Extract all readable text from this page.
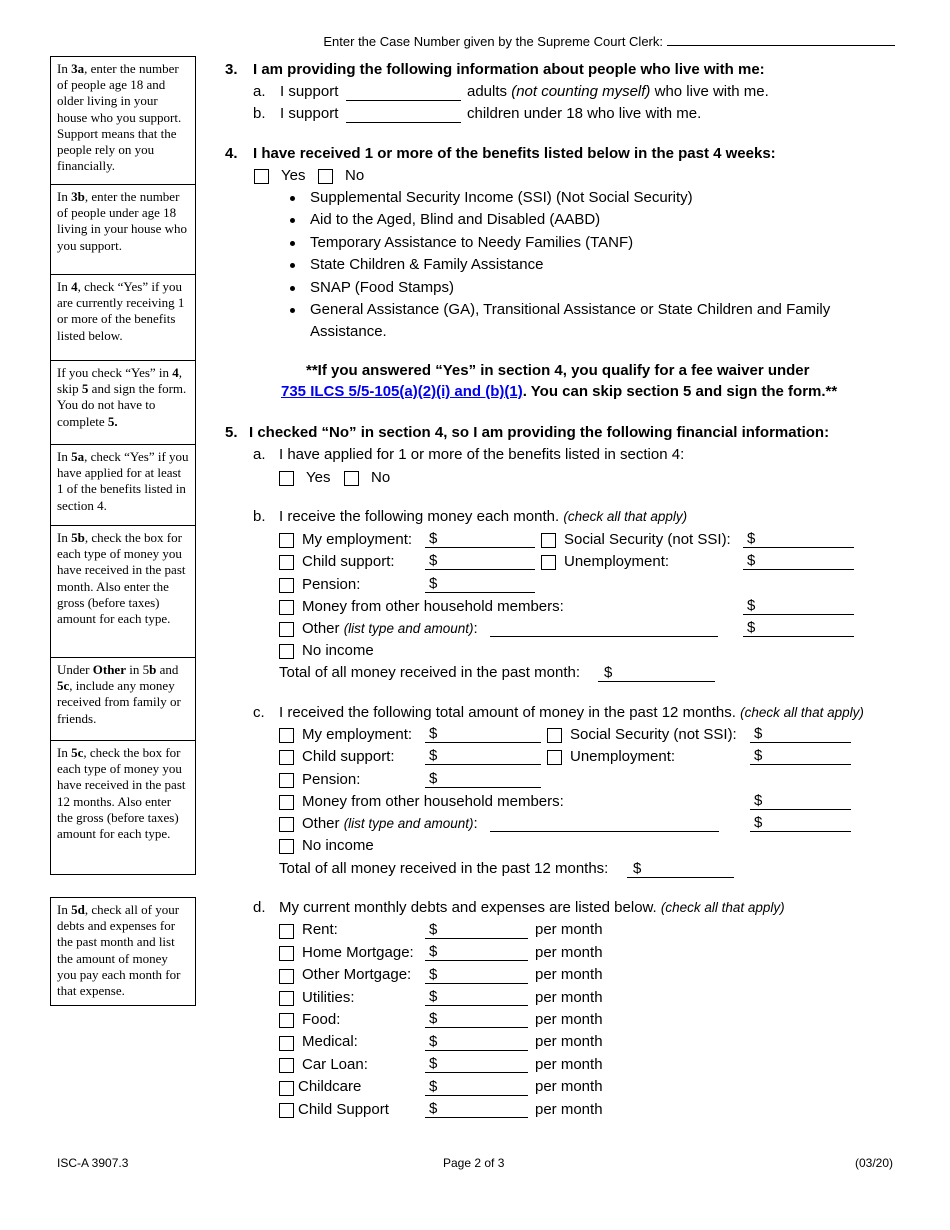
Enter the Case Number given by the Supreme Court Clerk:
In 3a, enter the number of people age 18 and older living in your house who you support. Support means that the people rely on you financially.
In 3b, enter the number of people under age 18 living in your house who you support.
In 4, check “Yes” if you are currently receiving 1 or more of the benefits listed below.
If you check “Yes” in 4, skip 5 and sign the form. You do not have to complete 5.
In 5a, check “Yes” if you have applied for at least 1 of the benefits listed in section 4.
In 5b, check the box for each type of money you have received in the past month. Also enter the gross (before taxes) amount for each type.
Under Other in 5b and 5c, include any money received from family or friends.
In 5c, check the box for each type of money you have received in the past 12 months. Also enter the gross (before taxes) amount for each type.
In 5d, check all of your debts and expenses for the past month and list the amount of money you pay each month for that expense.
3. I am providing the following information about people who live with me:
a. I support	adults (not counting myself) who live with me.
b. I support	children under 18 who live with me.
4. I have received 1 or more of the benefits listed below in the past 4 weeks:
Yes	No
Supplemental Security Income (SSI) (Not Social Security)
Aid to the Aged, Blind and Disabled (AABD)
Temporary Assistance to Needy Families (TANF)
State Children & Family Assistance
SNAP (Food Stamps)
General Assistance (GA), Transitional Assistance or State Children and Family
Assistance.
**If you answered “Yes” in section 4, you qualify for a fee waiver under
735 ILCS 5/5-105(a)(2)(i) and (b)(1). You can skip section 5 and sign the form.**
5. I checked “No” in section 4, so I am providing the following financial information:
a. I have applied for 1 or more of the benefits listed in section 4:
Yes	No
b. I receive the following money each month. (check all that apply)
My employment: $	Social Security (not SSI): $
Child support: $	Unemployment:	$
Pension:	$
Money from other household members:	$
Other (list type and amount):	$
No income
Total of all money received in the past month:	$
c. I received the following total amount of money in the past 12 months. (check all that apply)
My employment: $	Social Security (not SSI): $
Child support: $	Unemployment:	$
Pension:	$
Money from other household members:	$
Other (list type and amount):	$
No income
Total of all money received in the past 12 months:	$
d. My current monthly debts and expenses are listed below. (check all that apply)
Rent:	$	per month
Home Mortgage: $	per month
Other Mortgage: $	per month
Utilities:	$	per month
Food:	$	per month
Medical:	$	per month
Car Loan:	$	per month
Childcare	$	per month
Child Support	$	per month
ISC-A 3907.3	Page 2 of 3	(03/20)
